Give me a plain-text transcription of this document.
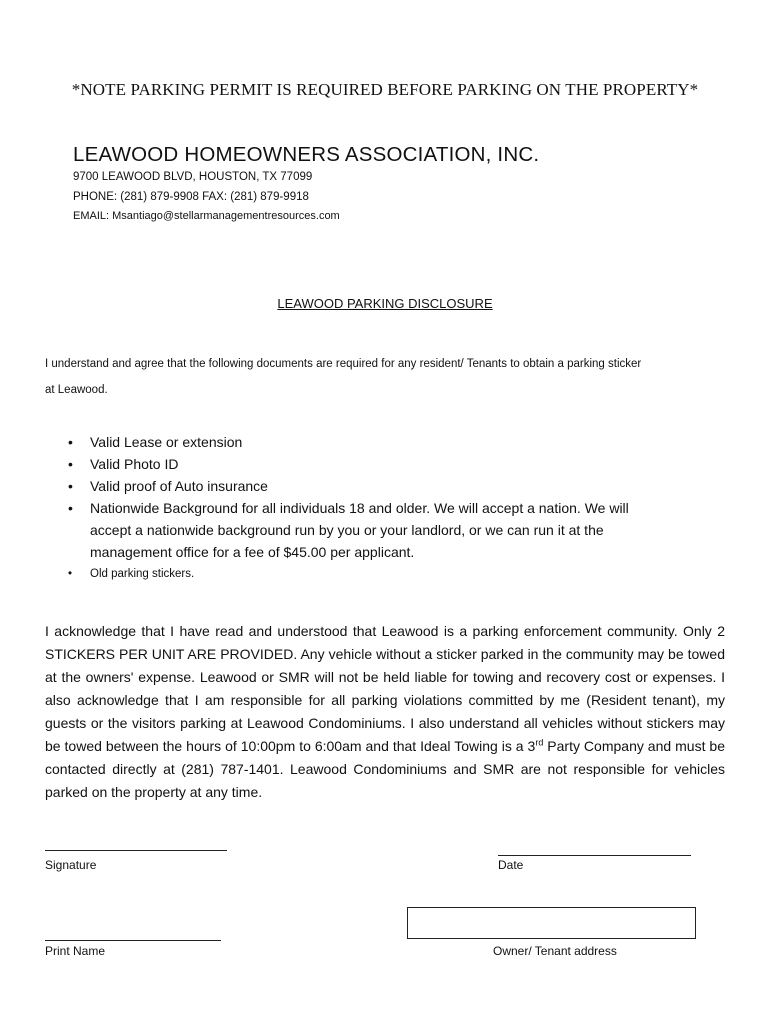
*NOTE PARKING PERMIT IS REQUIRED BEFORE PARKING ON THE PROPERTY*
LEAWOOD HOMEOWNERS ASSOCIATION, INC.
9700 LEAWOOD BLVD, HOUSTON, TX 77099
PHONE: (281) 879-9908 FAX: (281) 879-9918
EMAIL: Msantiago@stellarmanagementresources.com
LEAWOOD PARKING DISCLOSURE
I understand and agree that the following documents are required for any resident/ Tenants to obtain a parking sticker
at Leawood.
• Valid Lease or extension
• Valid Photo ID
• Valid proof of Auto insurance
• Nationwide Background for all individuals 18 and older. We will accept a nation. We will accept a nationwide background run by you or your landlord, or we can run it at the management office for a fee of $45.00 per applicant.
• Old parking stickers.
I acknowledge that I have read and understood that Leawood is a parking enforcement community. Only 2 STICKERS PER UNIT ARE PROVIDED. Any vehicle without a sticker parked in the community may be towed at the owners' expense. Leawood or SMR will not be held liable for towing and recovery cost or expenses. I also acknowledge that I am responsible for all parking violations committed by me (Resident tenant), my guests or the visitors parking at Leawood Condominiums. I also understand all vehicles without stickers may be towed between the hours of 10:00pm to 6:00am and that Ideal Towing is a 3rd Party Company and must be contacted directly at (281) 787-1401. Leawood Condominiums and SMR are not responsible for vehicles parked on the property at any time.
Signature	Date
Print Name	Owner/ Tenant address
